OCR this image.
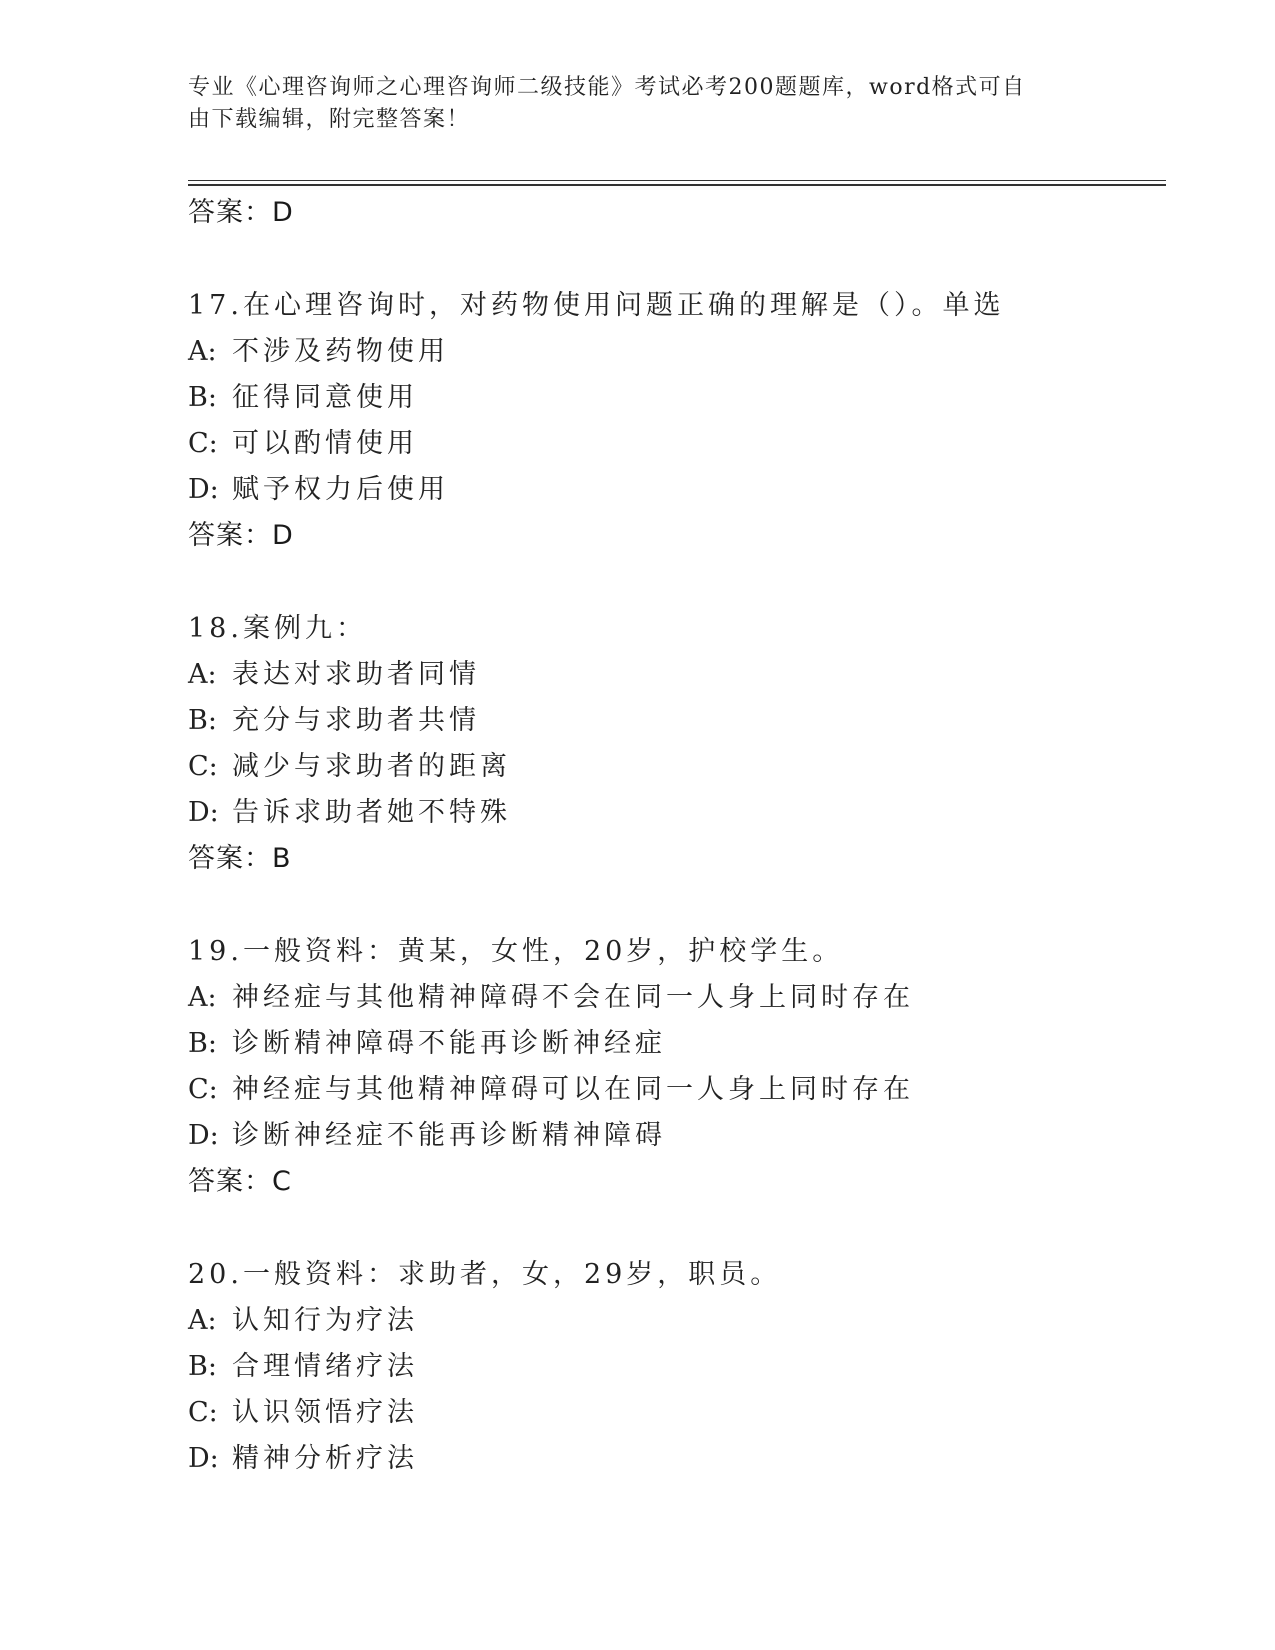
专业《心理咨询师之心理咨询师二级技能》考试必考200题题库，word格式可自
由下载编辑，附完整答案！
答案：D
17.在心理咨询时，对药物使用问题正确的理解是（）。单选
A: 不涉及药物使用
B: 征得同意使用
C: 可以酌情使用
D: 赋予权力后使用
答案：D
18.案例九：
A: 表达对求助者同情
B: 充分与求助者共情
C: 减少与求助者的距离
D: 告诉求助者她不特殊
答案：B
19.一般资料：黄某，女性，20岁，护校学生。
A: 神经症与其他精神障碍不会在同一人身上同时存在
B: 诊断精神障碍不能再诊断神经症
C: 神经症与其他精神障碍可以在同一人身上同时存在
D: 诊断神经症不能再诊断精神障碍
答案：C
20.一般资料：求助者，女，29岁，职员。
A: 认知行为疗法
B: 合理情绪疗法
C: 认识领悟疗法
D: 精神分析疗法
